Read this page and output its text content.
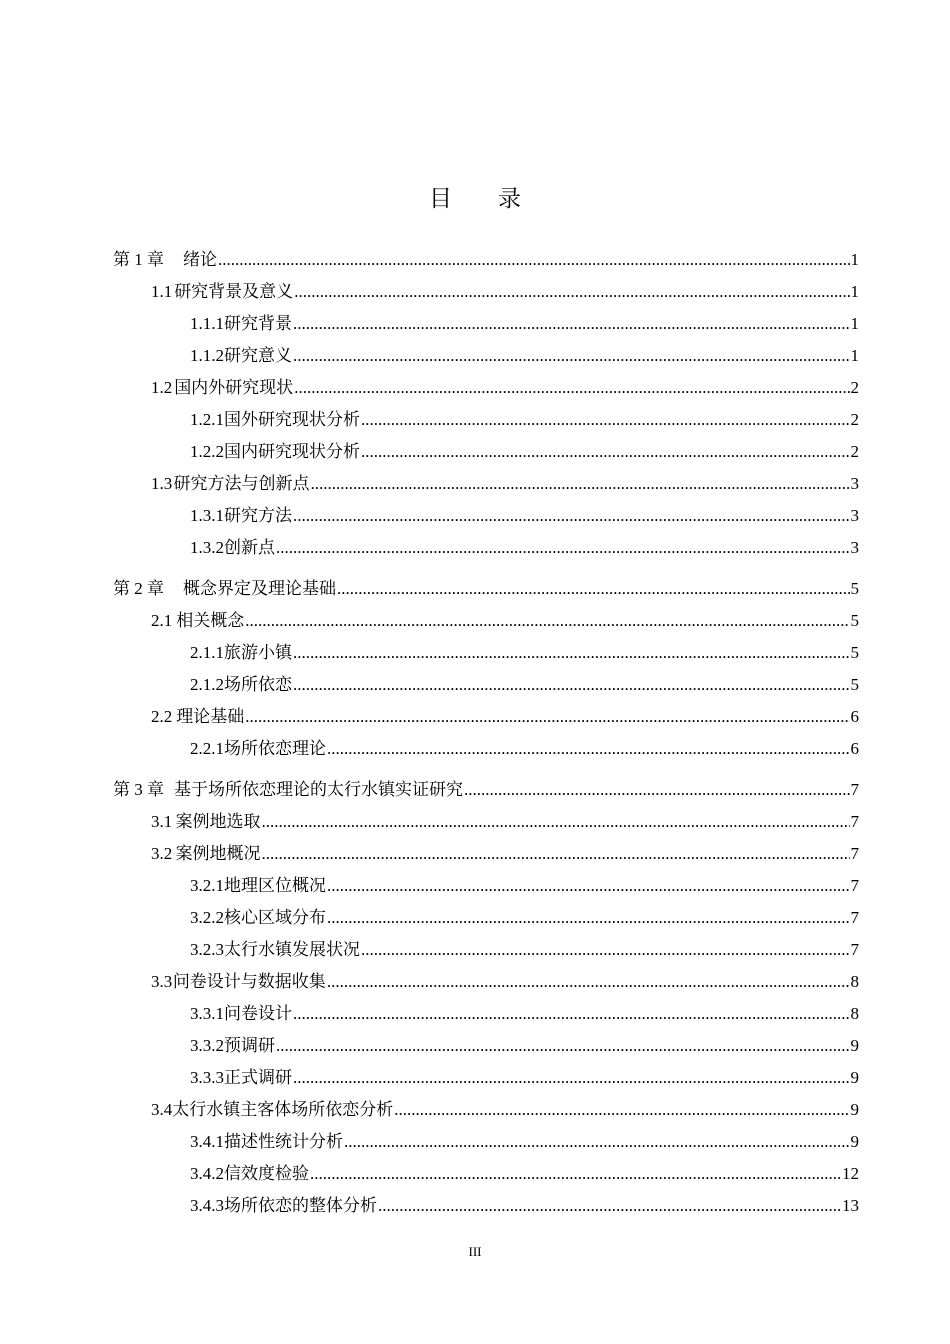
目 录
第 1 章 绪论 .....	1
1.1 研究背景及意义 .....	1
1.1.1 研究背景 .....	1
1.1.2 研究意义 .....	1
1.2 国内外研究现状 .....	2
1.2.1 国外研究现状分析 .....	2
1.2.2 国内研究现状分析 .....	2
1.3 研究方法与创新点 .....	3
1.3.1 研究方法 .....	3
1.3.2 创新点 .....	3
第 2 章 概念界定及理论基础 .....	5
2.1 相关概念 .....	5
2.1.1 旅游小镇 .....	5
2.1.2 场所依恋 .....	5
2.2 理论基础 .....	6
2.2.1 场所依恋理论 .....	6
第 3 章 基于场所依恋理论的太行水镇实证研究 .....	7
3.1 案例地选取 .....	7
3.2 案例地概况 .....	7
3.2.1 地理区位概况 .....	7
3.2.2 核心区域分布 .....	7
3.2.3 太行水镇发展状况 .....	7
3.3 问卷设计与数据收集 .....	8
3.3.1 问卷设计 .....	8
3.3.2 预调研 .....	9
3.3.3 正式调研 .....	9
3.4 太行水镇主客体场所依恋分析 .....	9
3.4.1 描述性统计分析 .....	9
3.4.2 信效度检验 .....	12
3.4.3 场所依恋的整体分析 .....	13
III
